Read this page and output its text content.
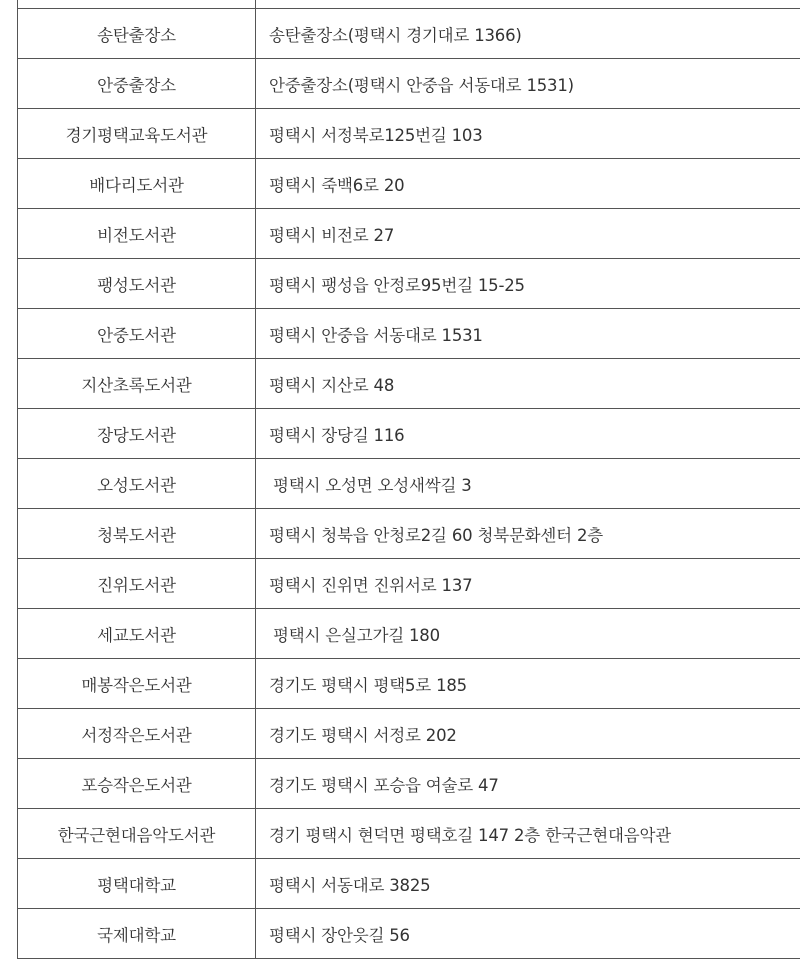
송탄출장소	송탄출장소(평택시 경기대로 1366)
안중출장소	안중출장소(평택시 안중읍 서동대로 1531)
경기평택교육도서관	평택시 서정북로125번길 103
배다리도서관	평택시 죽백6로 20
비전도서관	평택시 비전로 27
팽성도서관	평택시 팽성읍 안정로95번길 15-25
안중도서관	평택시 안중읍 서동대로 1531
지산초록도서관	평택시 지산로 48
장당도서관	평택시 장당길 116
오성도서관	평택시 오성면 오성새싹길 3
청북도서관	평택시 청북읍 안청로2길 60 청북문화센터 2층
진위도서관	평택시 진위면 진위서로 137
세교도서관	평택시 은실고가길 180
매봉작은도서관	경기도 평택시 평택5로 185
서정작은도서관	경기도 평택시 서정로 202
포승작은도서관	경기도 평택시 포승읍 여술로 47
한국근현대음악도서관	경기 평택시 현덕면 평택호길 147 2층 한국근현대음악관
평택대학교	평택시 서동대로 3825
국제대학교	평택시 장안읏길 56
